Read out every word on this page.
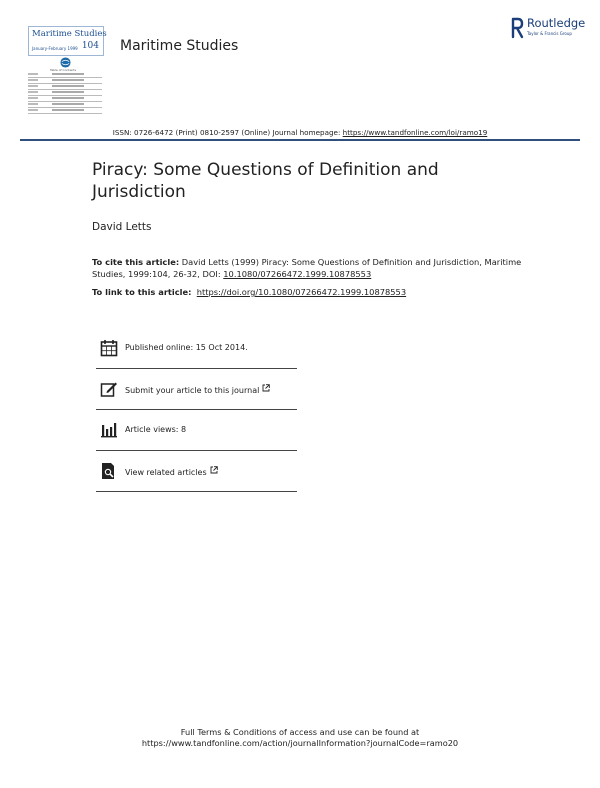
Maritime Studies
January-February 1999 104
Table of Contents
Maritime Studies
Routledge
Taylor & Francis Group
ISSN: 0726-6472 (Print) 0810-2597 (Online) Journal homepage: https://www.tandfonline.com/loi/ramo19
Piracy: Some Questions of Definition and Jurisdiction
David Letts
To cite this article: David Letts (1999) Piracy: Some Questions of Definition and Jurisdiction, Maritime Studies, 1999:104, 26-32, DOI: 10.1080/07266472.1999.10878553
To link to this article: https://doi.org/10.1080/07266472.1999.10878553
Published online: 15 Oct 2014.
Submit your article to this journal
Article views: 8
View related articles
Full Terms & Conditions of access and use can be found at
https://www.tandfonline.com/action/journalInformation?journalCode=ramo20
